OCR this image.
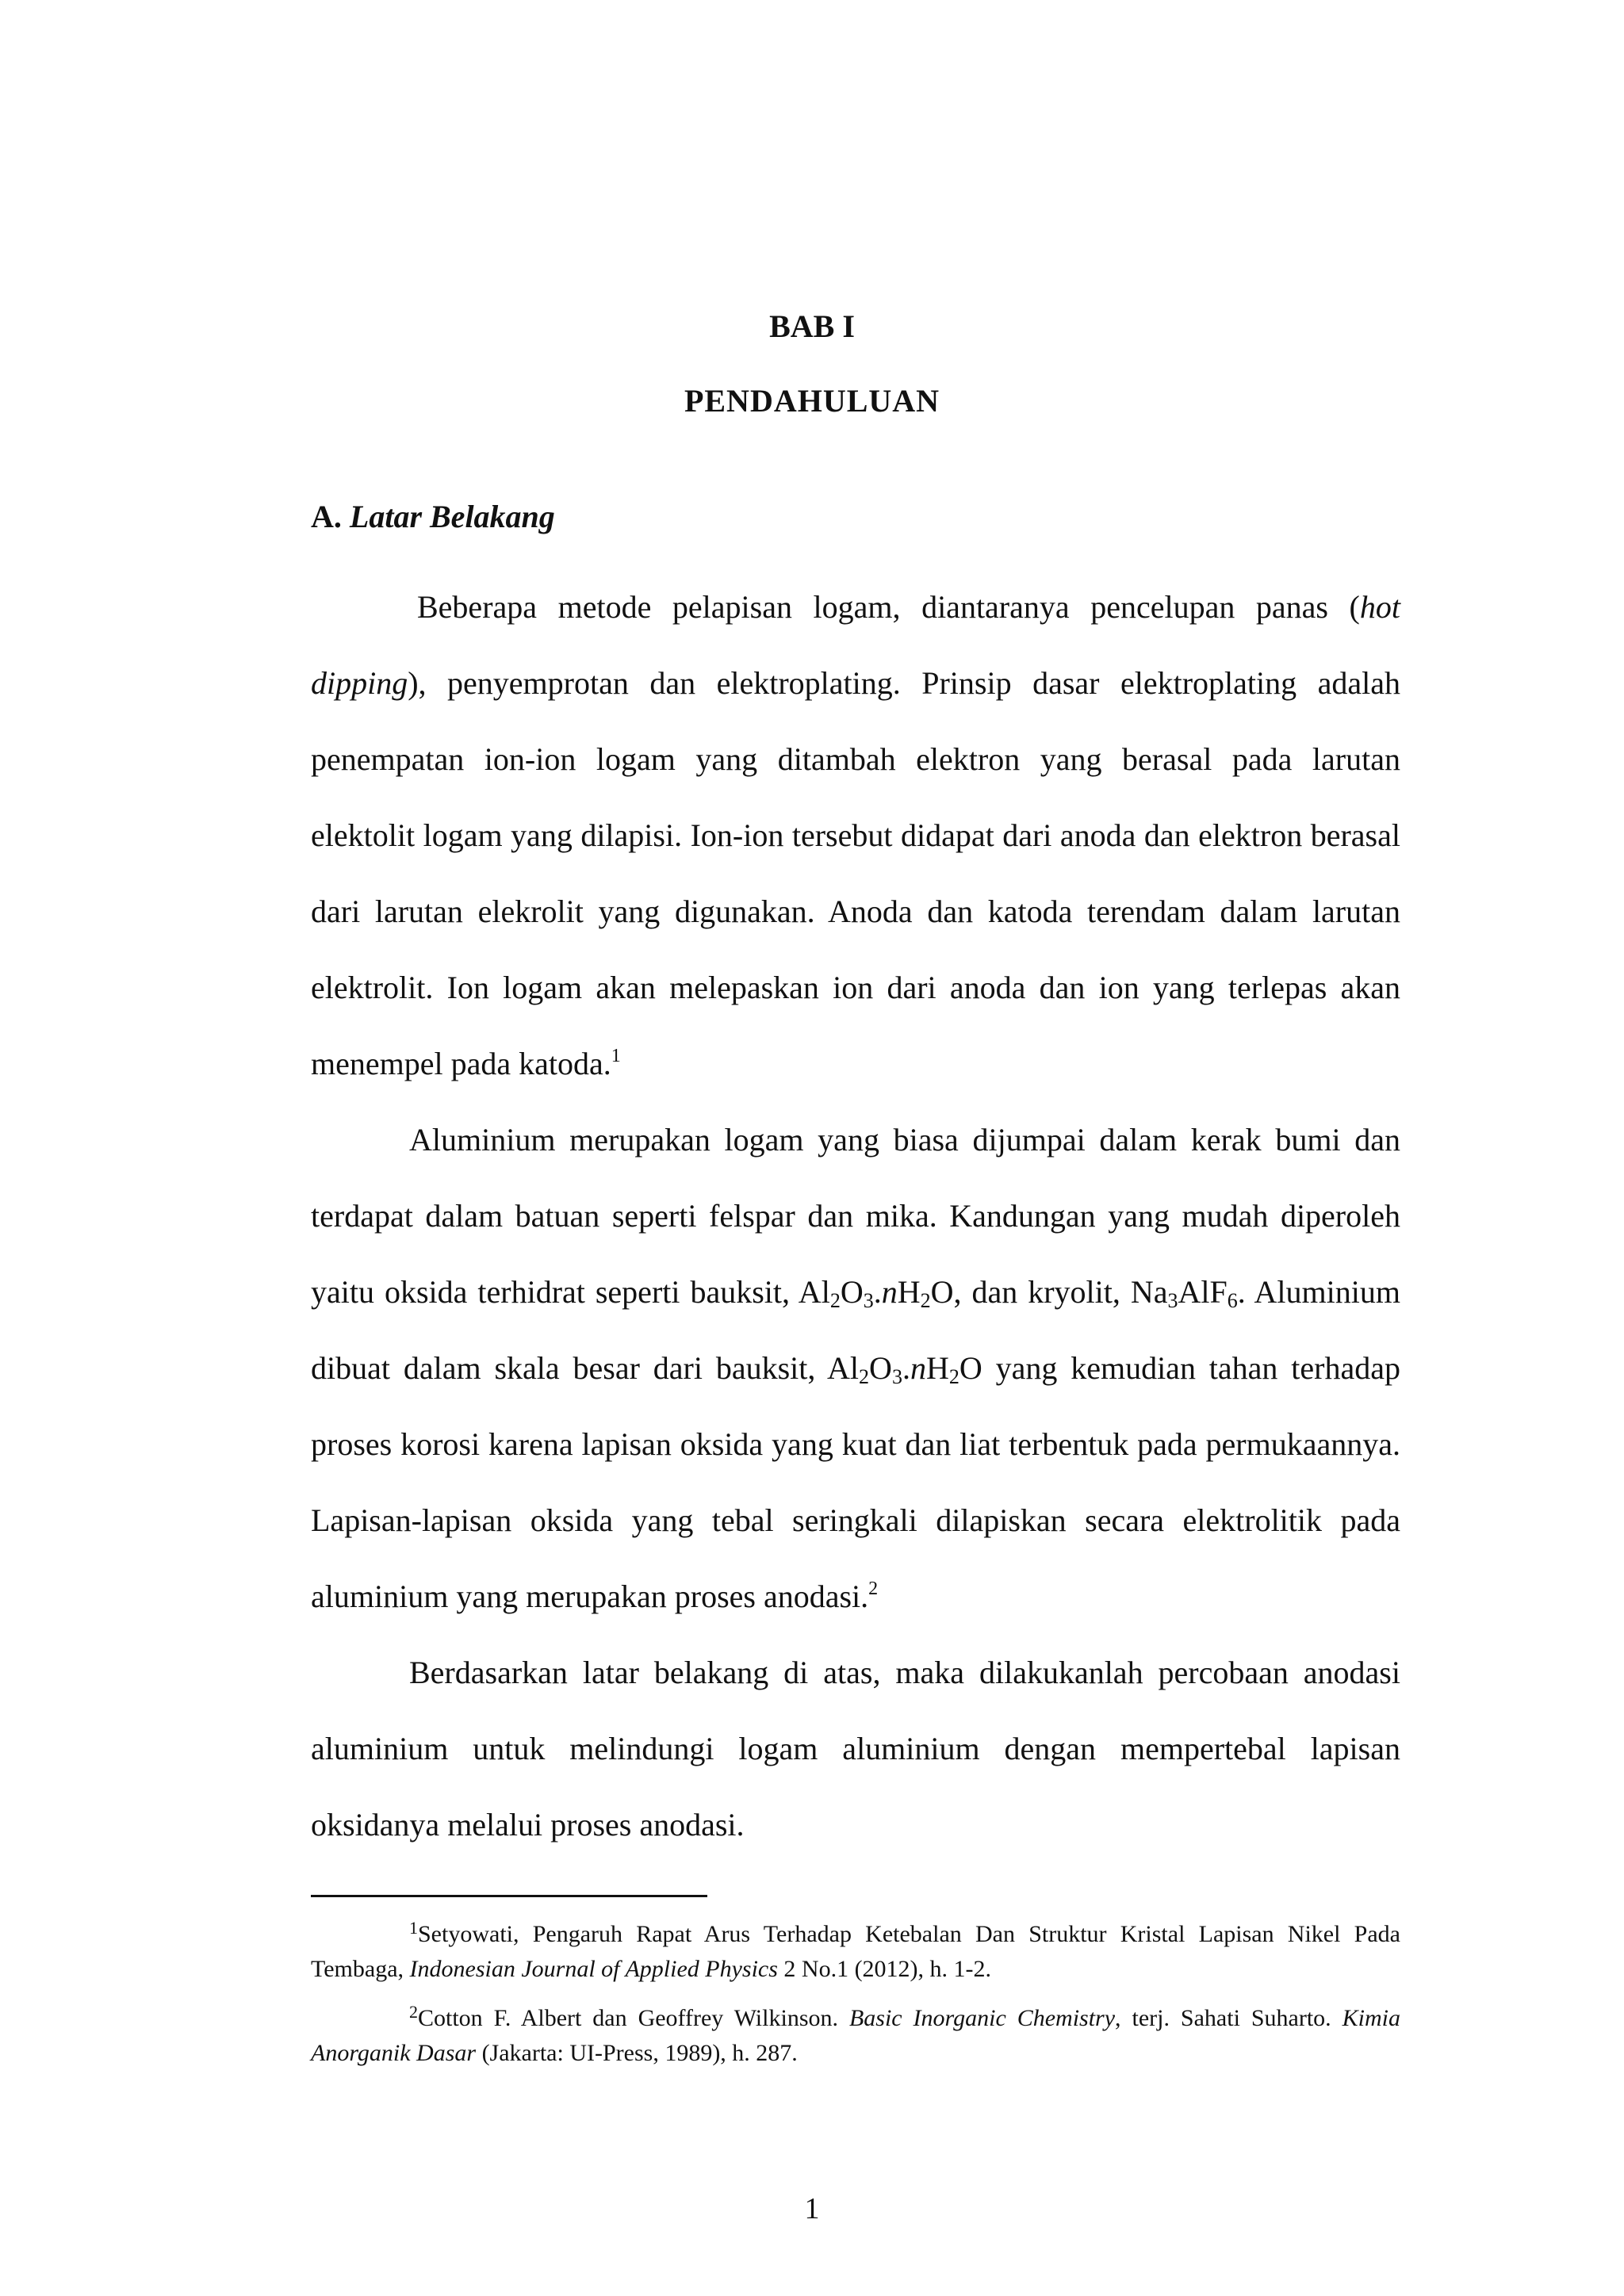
BAB I
PENDAHULUAN
A. Latar Belakang

Beberapa metode pelapisan logam, diantaranya pencelupan panas (hot dipping), penyemprotan dan elektroplating. Prinsip dasar elektroplating adalah penempatan ion-ion logam yang ditambah elektron yang berasal pada larutan elektolit logam yang dilapisi. Ion-ion tersebut didapat dari anoda dan elektron berasal dari larutan elekrolit yang digunakan. Anoda dan katoda terendam dalam larutan elektrolit. Ion logam akan melepaskan ion dari anoda dan ion yang terlepas akan menempel pada katoda.$^1$

Aluminium merupakan logam yang biasa dijumpai dalam kerak bumi dan terdapat dalam batuan seperti felspar dan mika. Kandungan yang mudah diperoleh yaitu oksida terhidrat seperti bauksit, $Al_2O_3.nH_2O$, dan kryolit, $Na_3AlF_6$. Aluminium dibuat dalam skala besar dari bauksit, $Al_2O_3.nH_2O$ yang kemudian tahan terhadap proses korosi karena lapisan oksida yang kuat dan liat terbentuk pada permukaannya. Lapisan-lapisan oksida yang tebal seringkali dilapiskan secara elektrolitik pada aluminium yang merupakan proses anodasi.$^2$

Berdasarkan latar belakang di atas, maka dilakukanlah percobaan anodasi aluminium untuk melindungi logam aluminium dengan mempertebal lapisan oksidanya melalui proses anodasi.

$^1$Setyowati, Pengaruh Rapat Arus Terhadap Ketebalan Dan Struktur Kristal Lapisan Nikel Pada Tembaga, Indonesian Journal of Applied Physics 2 No.1 (2012), h. 1-2.

$^2$Cotton F. Albert dan Geoffrey Wilkinson. Basic Inorganic Chemistry, terj. Sahati Suharto. Kimia Anorganik Dasar (Jakarta: UI-Press, 1989), h. 287.

1
